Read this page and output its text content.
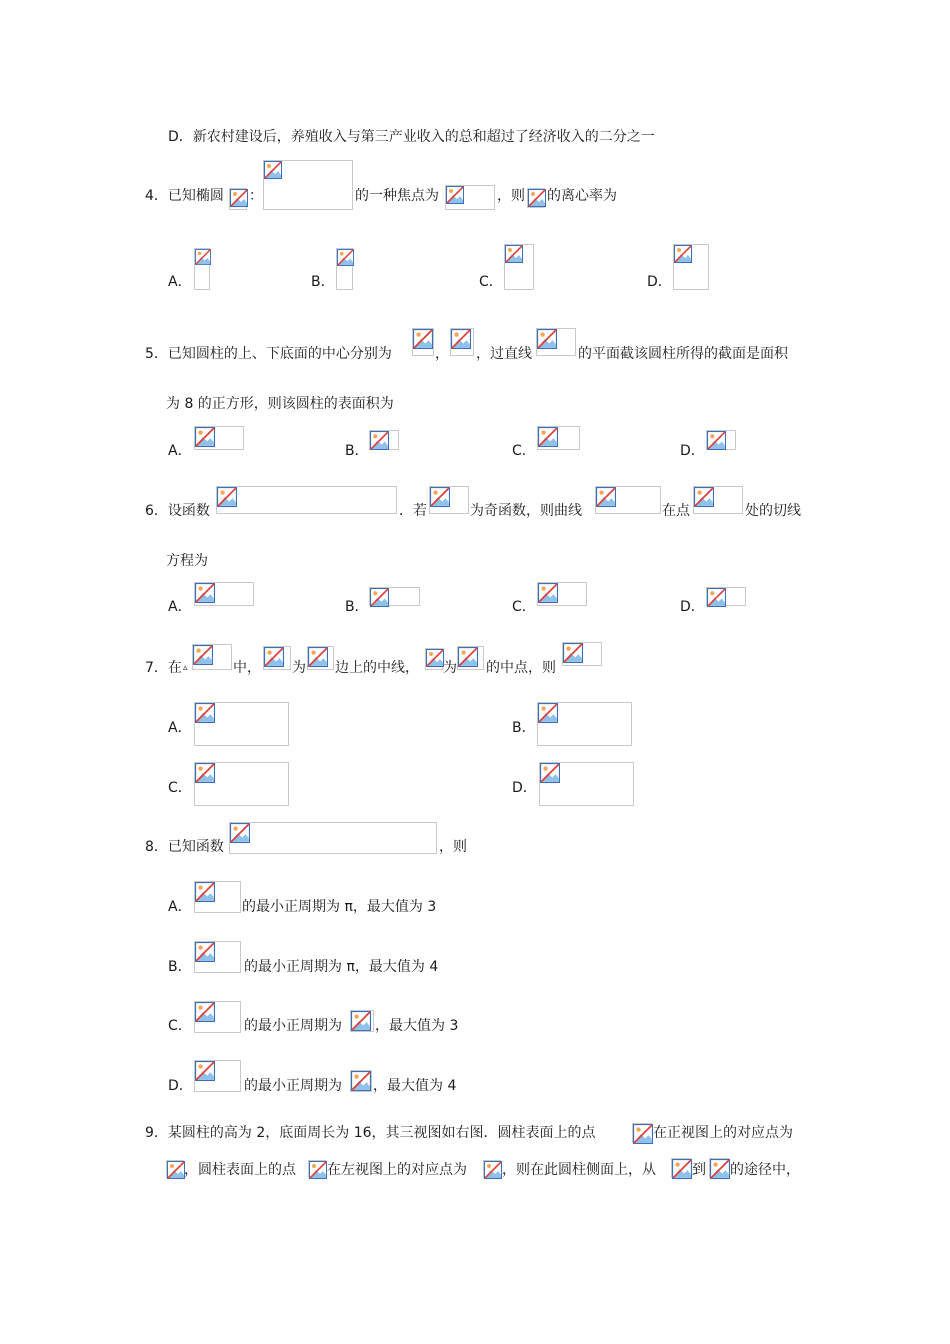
D．新农村建设后，养殖收入与第三产业收入的总和超过了经济收入的二分之一
4．已知椭圆 ：	的一种焦点为	，则 的离心率为
A．	B．	C．	D．
5．已知圆柱的上、下底面的中心分别为	， ，过直线	的平面截该圆柱所得的截面是面积
为 8 的正方形，则该圆柱的表面积为
A．	B．	C．	D．
6．设函数	．若	为奇函数，则曲线	在点	处的切线
方程为
A．	B．	C．	D．
7．在 ▵	中， 为 边上的中线， 为 的中点，则
A．	B．
C．	D．
8．已知函数	，则
A．	的最小正周期为 π，最大值为 3
B．	的最小正周期为 π，最大值为 4
C．	的最小正周期为 ，最大值为 3
D．	的最小正周期为 ，最大值为 4
9．某圆柱的高为 2，底面周长为 16，其三视图如右图．圆柱表面上的点	在正视图上的对应点为
，圆柱表面上的点 在左视图上的对应点为	，则在此圆柱侧面上，从	到 的途径中，
